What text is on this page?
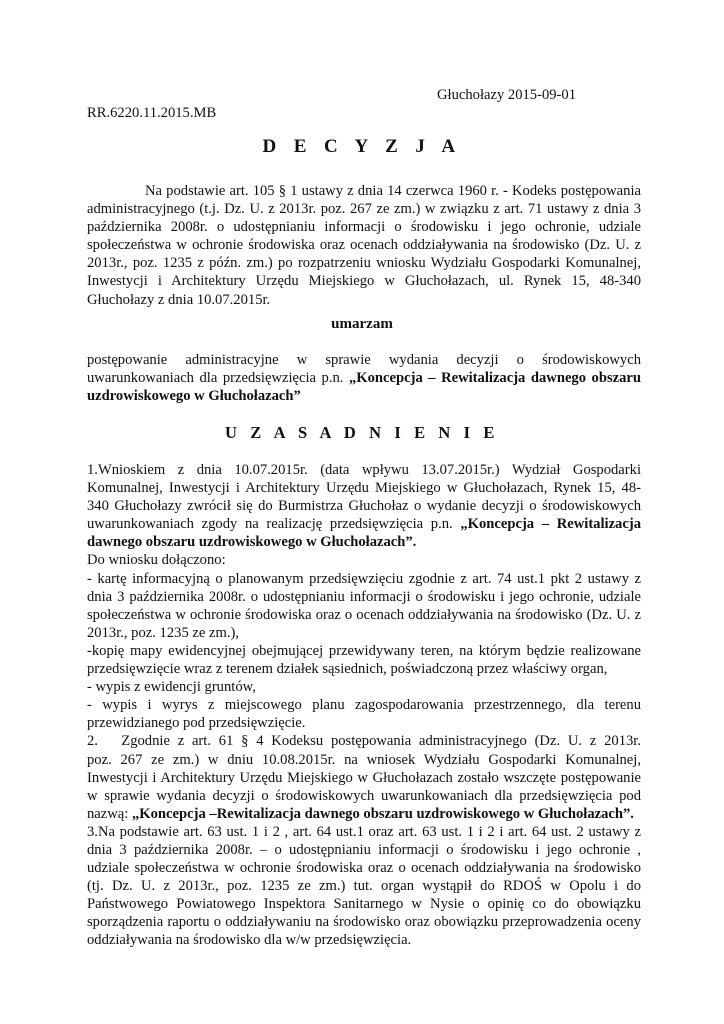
Głuchołazy 2015-09-01
RR.6220.11.2015.MB
D E C Y Z J A
Na podstawie art. 105 § 1 ustawy z dnia 14 czerwca 1960 r. - Kodeks postępowania
administracyjnego (t.j. Dz. U. z 2013r. poz. 267 ze zm.) w związku z art. 71 ustawy z dnia 3
października 2008r. o udostępnianiu informacji o środowisku i jego ochronie, udziale
społeczeństwa w ochronie środowiska oraz ocenach oddziaływania na środowisko (Dz. U. z
2013r., poz. 1235 z późn. zm.) po rozpatrzeniu wniosku Wydziału Gospodarki Komunalnej,
Inwestycji i Architektury Urzędu Miejskiego w Głuchołazach, ul. Rynek 15, 48-340
Głuchołazy z dnia 10.07.2015r.
umarzam
postępowanie administracyjne w sprawie wydania decyzji o środowiskowych
uwarunkowaniach dla przedsięwzięcia p.n. „Koncepcja – Rewitalizacja dawnego obszaru
uzdrowiskowego w Głuchołazach”
U Z A S A D N I E N I E
1.Wnioskiem z dnia 10.07.2015r. (data wpływu 13.07.2015r.) Wydział Gospodarki
Komunalnej, Inwestycji i Architektury Urzędu Miejskiego w Głuchołazach, Rynek 15, 48-
340 Głuchołazy zwrócił się do Burmistrza Głuchołaz o wydanie decyzji o środowiskowych
uwarunkowaniach zgody na realizację przedsięwzięcia p.n. „Koncepcja – Rewitalizacja
dawnego obszaru uzdrowiskowego w Głuchołazach”.
Do wniosku dołączono:
- kartę informacyjną o planowanym przedsięwzięciu zgodnie z art. 74 ust.1 pkt 2 ustawy z
dnia 3 października 2008r. o udostępnianiu informacji o środowisku i jego ochronie, udziale
społeczeństwa w ochronie środowiska oraz o ocenach oddziaływania na środowisko (Dz. U. z
2013r., poz. 1235 ze zm.),
-kopię mapy ewidencyjnej obejmującej przewidywany teren, na którym będzie realizowane
przedsięwzięcie wraz z terenem działek sąsiednich, poświadczoną przez właściwy organ,
- wypis z ewidencji gruntów,
- wypis i wyrys z miejscowego planu zagospodarowania przestrzennego, dla terenu
przewidzianego pod przedsięwzięcie.
2.   Zgodnie z art. 61 § 4 Kodeksu postępowania administracyjnego (Dz. U. z 2013r.
poz. 267 ze zm.) w dniu 10.08.2015r. na wniosek Wydziału Gospodarki Komunalnej,
Inwestycji i Architektury Urzędu Miejskiego w Głuchołazach zostało wszczęte postępowanie
w sprawie wydania decyzji o środowiskowych uwarunkowaniach dla przedsięwzięcia pod
nazwą: „Koncepcja –Rewitalizacja dawnego obszaru uzdrowiskowego w Głuchołazach”.
3.Na podstawie art. 63 ust. 1 i 2 , art. 64 ust.1 oraz art. 63 ust. 1 i 2 i art. 64 ust. 2 ustawy z
dnia 3 października 2008r. – o udostępnianiu informacji o środowisku i jego ochronie ,
udziale społeczeństwa w ochronie środowiska oraz o ocenach oddziaływania na środowisko
(tj. Dz. U. z 2013r., poz. 1235 ze zm.) tut. organ wystąpił do RDOŚ w Opolu i do
Państwowego Powiatowego Inspektora Sanitarnego w Nysie o opinię co do obowiązku
sporządzenia raportu o oddziaływaniu na środowisko oraz obowiązku przeprowadzenia oceny
oddziaływania na środowisko dla w/w przedsięwzięcia.
